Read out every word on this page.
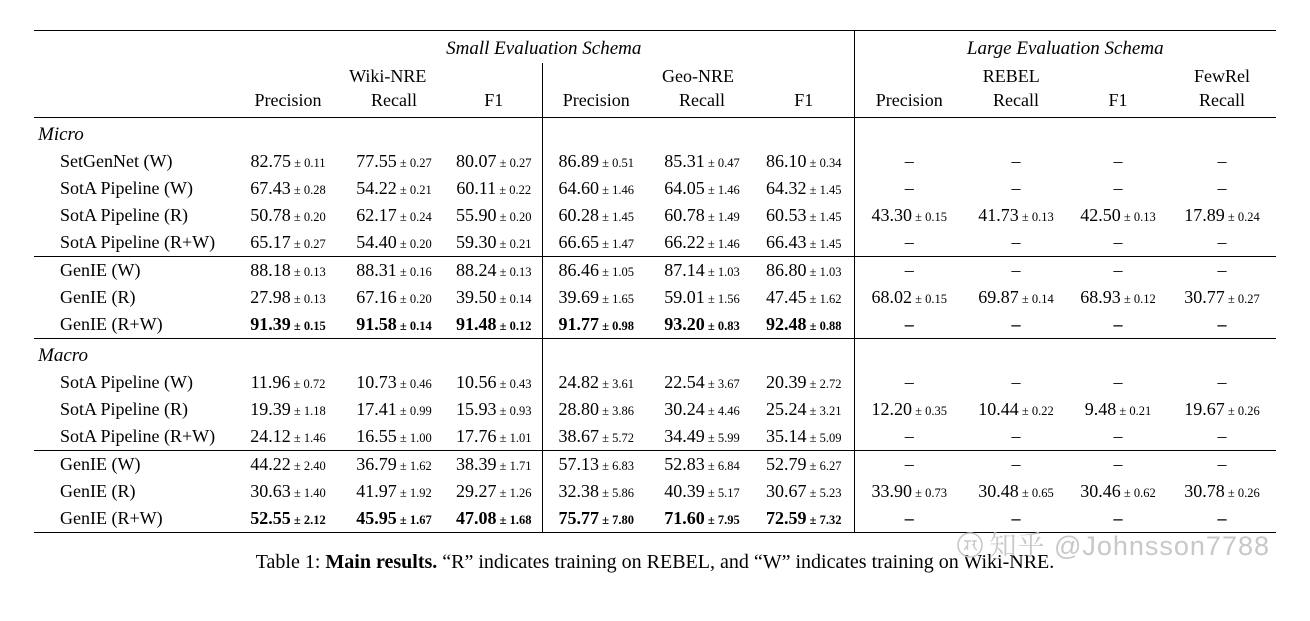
	Small Evaluation Schema						Large Evaluation Schema			
	Wiki-NRE			Geo-NRE			REBEL			FewRel
	Precision	Recall	F1	Precision	Recall	F1	Precision	Recall	F1	Recall

Micro										
SetGenNet (W)	82.75 ± 0.11	77.55 ± 0.27	80.07 ± 0.27	86.89 ± 0.51	85.31 ± 0.47	86.10 ± 0.34	–	–	–	–
SotA Pipeline (W)	67.43 ± 0.28	54.22 ± 0.21	60.11 ± 0.22	64.60 ± 1.46	64.05 ± 1.46	64.32 ± 1.45	–	–	–	–
SotA Pipeline (R)	50.78 ± 0.20	62.17 ± 0.24	55.90 ± 0.20	60.28 ± 1.45	60.78 ± 1.49	60.53 ± 1.45	43.30 ± 0.15	41.73 ± 0.13	42.50 ± 0.13	17.89 ± 0.24
SotA Pipeline (R+W)	65.17 ± 0.27	54.40 ± 0.20	59.30 ± 0.21	66.65 ± 1.47	66.22 ± 1.46	66.43 ± 1.45	–	–	–	–

GenIE (W)	88.18 ± 0.13	88.31 ± 0.16	88.24 ± 0.13	86.46 ± 1.05	87.14 ± 1.03	86.80 ± 1.03	–	–	–	–
GenIE (R)	27.98 ± 0.13	67.16 ± 0.20	39.50 ± 0.14	39.69 ± 1.65	59.01 ± 1.56	47.45 ± 1.62	68.02 ± 0.15	69.87 ± 0.14	68.93 ± 0.12	30.77 ± 0.27
GenIE (R+W)	91.39 ± 0.15	91.58 ± 0.14	91.48 ± 0.12	91.77 ± 0.98	93.20 ± 0.83	92.48 ± 0.88	–	–	–	–

Macro										
SotA Pipeline (W)	11.96 ± 0.72	10.73 ± 0.46	10.56 ± 0.43	24.82 ± 3.61	22.54 ± 3.67	20.39 ± 2.72	–	–	–	–
SotA Pipeline (R)	19.39 ± 1.18	17.41 ± 0.99	15.93 ± 0.93	28.80 ± 3.86	30.24 ± 4.46	25.24 ± 3.21	12.20 ± 0.35	10.44 ± 0.22	9.48 ± 0.21	19.67 ± 0.26
SotA Pipeline (R+W)	24.12 ± 1.46	16.55 ± 1.00	17.76 ± 1.01	38.67 ± 5.72	34.49 ± 5.99	35.14 ± 5.09	–	–	–	–

GenIE (W)	44.22 ± 2.40	36.79 ± 1.62	38.39 ± 1.71	57.13 ± 6.83	52.83 ± 6.84	52.79 ± 6.27	–	–	–	–
GenIE (R)	30.63 ± 1.40	41.97 ± 1.92	29.27 ± 1.26	32.38 ± 5.86	40.39 ± 5.17	30.67 ± 5.23	33.90 ± 0.73	30.48 ± 0.65	30.46 ± 0.62	30.78 ± 0.26
GenIE (R+W)	52.55 ± 2.12	45.95 ± 1.67	47.08 ± 1.68	75.77 ± 7.80	71.60 ± 7.95	72.59 ± 7.32	–	–	–	–

Table 1: Main results. “R” indicates training on REBEL, and “W” indicates training on Wiki-NRE.
知乎 @Johnsson7788
